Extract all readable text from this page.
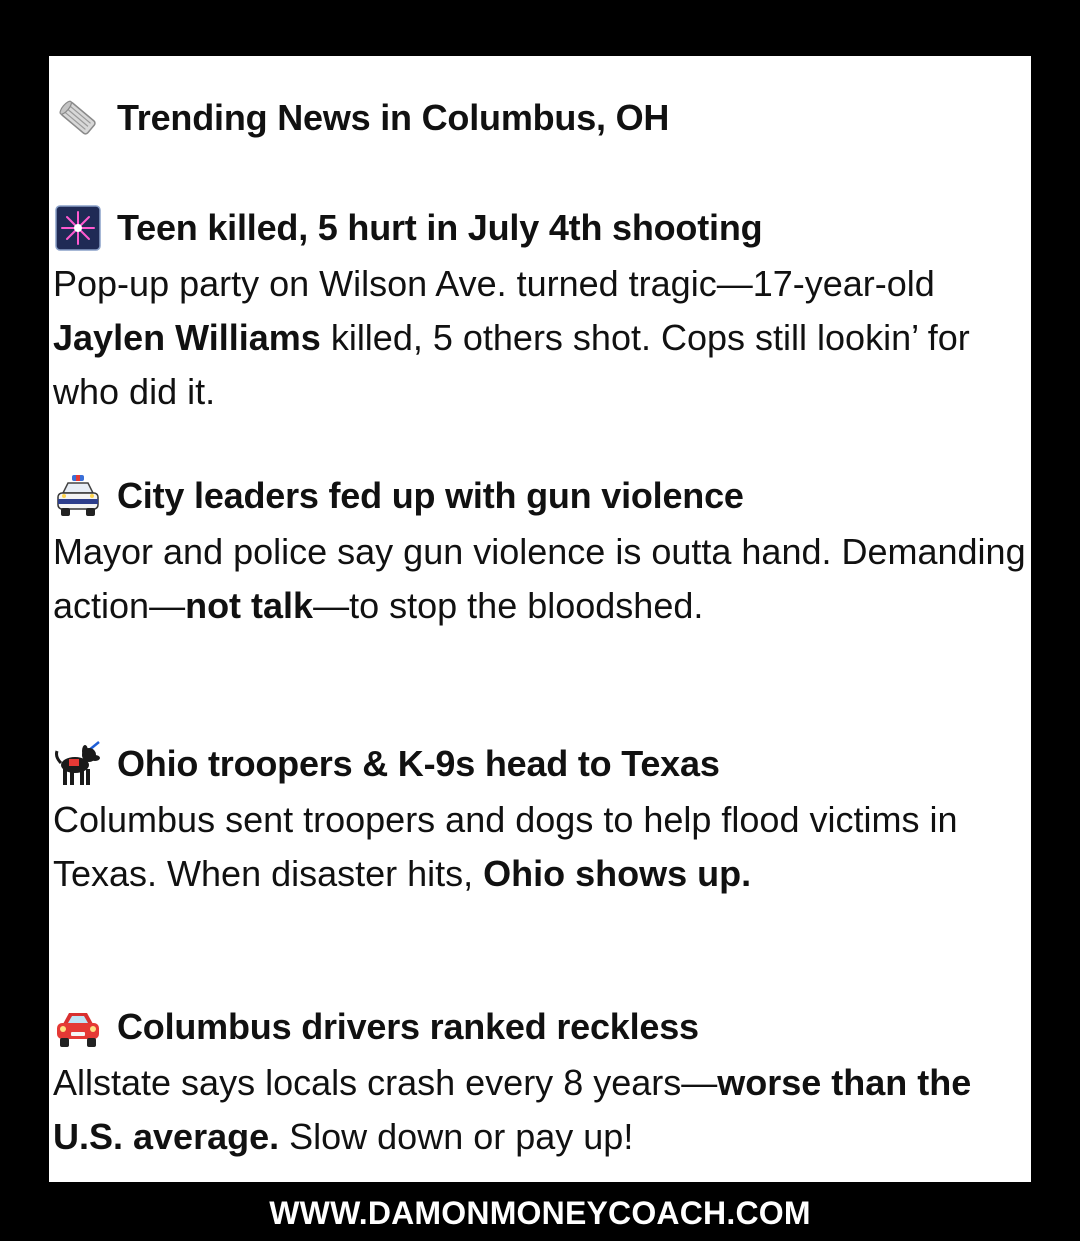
Trending News in Columbus, OH
Teen killed, 5 hurt in July 4th shooting
Pop-up party on Wilson Ave. turned tragic—17-year-old Jaylen Williams killed, 5 others shot. Cops still lookin’ for who did it.
City leaders fed up with gun violence
Mayor and police say gun violence is outta hand. Demanding action—not talk—to stop the bloodshed.
Ohio troopers & K-9s head to Texas
Columbus sent troopers and dogs to help flood victims in Texas. When disaster hits, Ohio shows up.
Columbus drivers ranked reckless
Allstate says locals crash every 8 years—worse than the U.S. average. Slow down or pay up!
WWW.DAMONMONEYCOACH.COM
